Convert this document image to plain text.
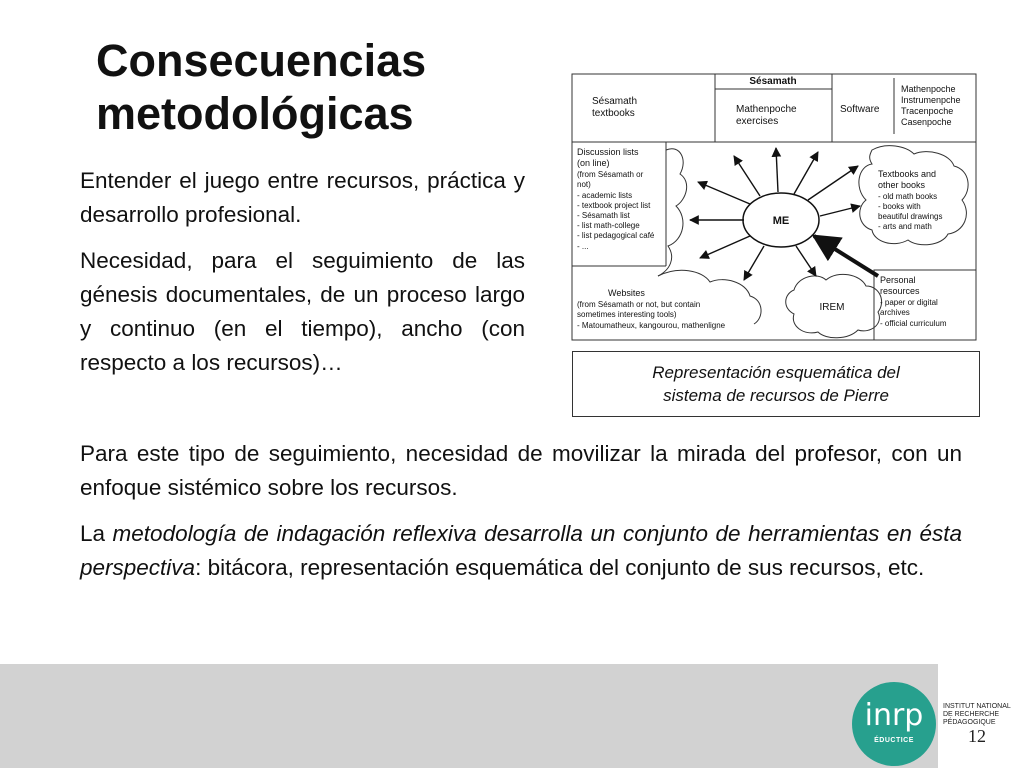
Consecuencias
metodológicas

Entender el juego entre recursos, práctica y desarrollo profesional.

Necesidad, para el seguimiento de las génesis documentales, de un proceso largo y continuo (en el tiempo), ancho (con respecto a los recursos)…

Para este tipo de seguimiento, necesidad de movilizar la mirada del profesor, con un enfoque sistémico sobre los recursos.

La metodología de indagación reflexiva desarrolla un conjunto de herramientas en ésta perspectiva: bitácora, representación esquemática del conjunto de sus recursos, etc.

Sésamath
Sésamath
textbooks	Mathenpoche
exercises
Software
Mathenpoche
Instrumenpche
Tracenpoche
Casenpoche
Discussion lists
(on line)
(from Sésamath or
not)
- academic lists
- textbook project list
- Sésamath list
- list math-college
- list pedagogical café
- ...
Textbooks and
other books
- old math books
- books with
beautiful drawings
- arts and math
ME
IREM
Personal
resources
- paper or digital
archives
- official curriculum
Websites
(from Sésamath or not, but contain
sometimes interesting tools)
- Matoumatheux, kangourou, mathenligne
Representación esquemática del
sistema de recursos de Pierre
inrp
ÉDUCTICE
INSTITUT NATIONAL
DE RECHERCHE
PÉDAGOGIQUE
12
